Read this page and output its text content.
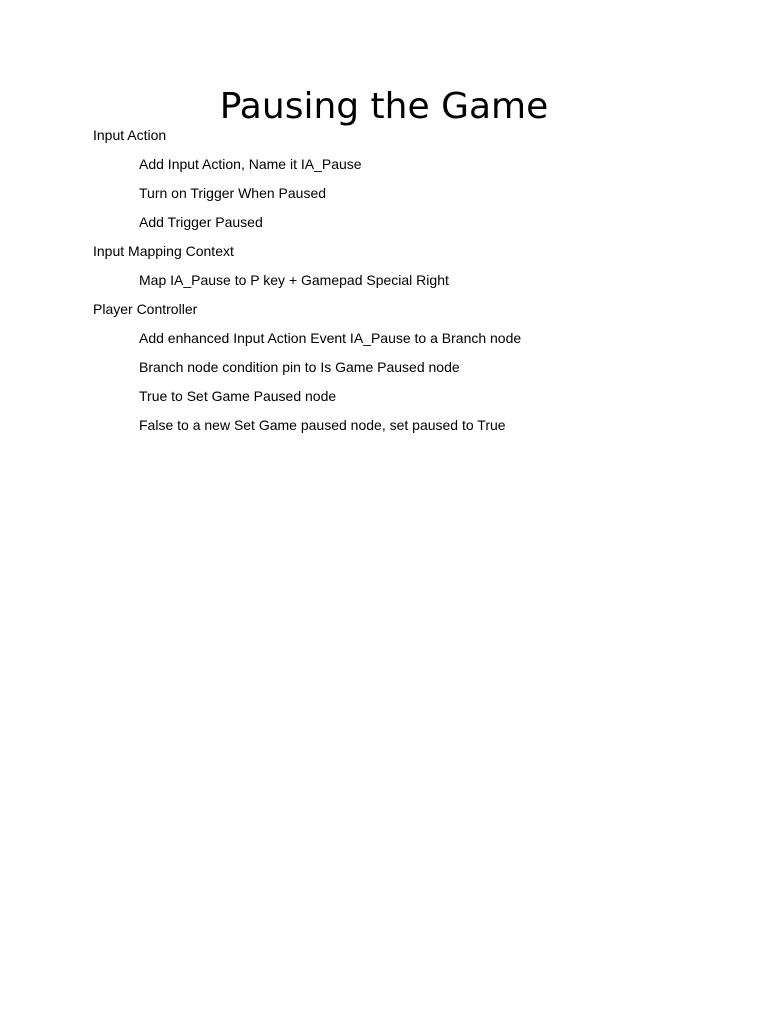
Pausing the Game
Input Action
Add Input Action, Name it IA_Pause
Turn on Trigger When Paused
Add Trigger Paused
Input Mapping Context
Map IA_Pause to P key + Gamepad Special Right
Player Controller
Add enhanced Input Action Event IA_Pause to a Branch node
Branch node condition pin to Is Game Paused node
True to Set Game Paused node
False to a new Set Game paused node, set paused to True
